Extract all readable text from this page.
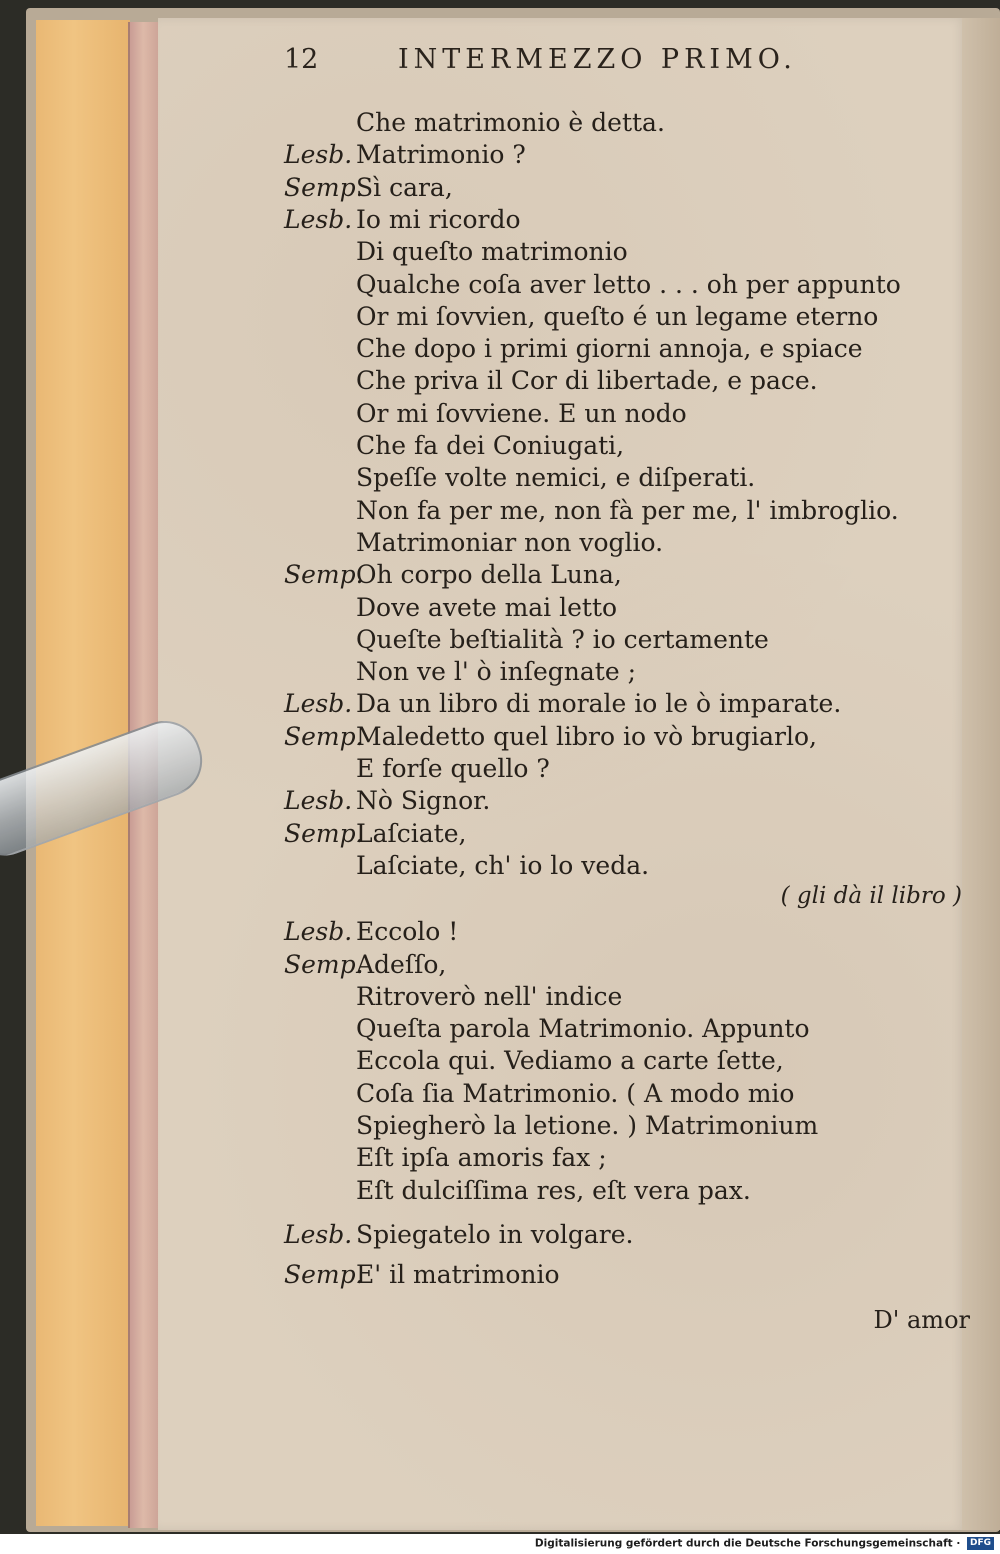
12	INTERMEZZO PRIMO.
Che matrimonio è detta.
Lesb. Matrimonio ?
Semp.
Sì cara,
Lesb. Io mi ricordo
Di queſto matrimonio
Qualche coſa aver letto . . . oh per appunto
Or mi ſovvien, queſto é un legame eterno
Che dopo i primi giorni annoja, e spiace
Che priva il Cor di libertade, e pace.
Or mi ſovviene. E un nodo
Che fa dei Coniugati,
Speſſe volte nemici, e diſperati.
Non fa per me, non fà per me, l' imbroglio.
Matrimoniar non voglio.
Semp.
Oh corpo della Luna,
Dove avete mai letto
Queſte beſtialità ? io certamente
Non ve l' ò inſegnate ;
Lesb. Da un libro di morale io le ò imparate.
Semp.
Maledetto quel libro io vò brugiarlo,
E forſe quello ?
Lesb. Nò Signor.
Semp.
Laſciate,
Laſciate, ch' io lo veda.
Lesb. Eccolo !
Semp.
Adeſſo,
Ritroverò nell' indice
Queſta parola Matrimonio. Appunto
Eccola qui. Vediamo a carte ſette,
Coſa ſia Matrimonio. ( A modo mio
Spiegherò la letione. ) Matrimonium
Eſt ipſa amoris fax ;
Eſt dulciſſima res, eſt vera pax.
Lesb. Spiegatelo in volgare.
Semp.
E' il matrimonio
( gli dà il libro )
D' amor
Digitalisierung gefördert durch die Deutsche Forschungsgemeinschaft · DFG
